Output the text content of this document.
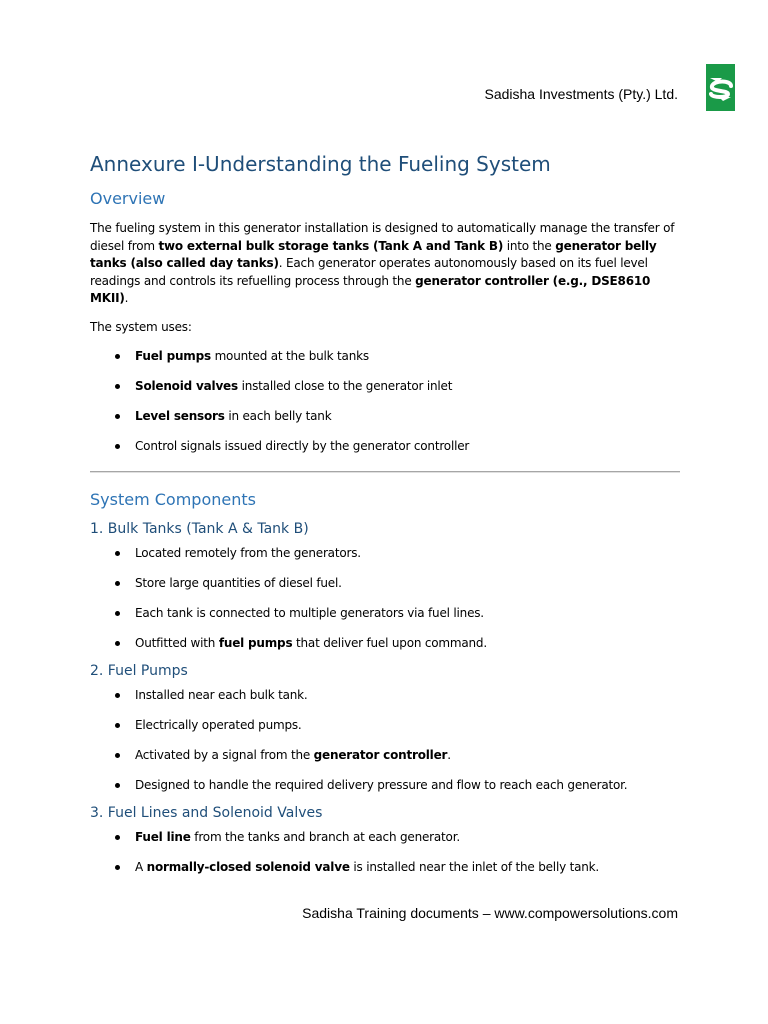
Sadisha Investments (Pty.) Ltd.
Annexure I-Understanding the Fueling System
Overview

The fueling system in this generator installation is designed to automatically manage the transfer of diesel from two external bulk storage tanks (Tank A and Tank B) into the generator belly tanks (also called day tanks). Each generator operates autonomously based on its fuel level readings and controls its refuelling process through the generator controller (e.g., DSE8610 MKII).

The system uses:

Fuel pumps mounted at the bulk tanks
Solenoid valves installed close to the generator inlet
Level sensors in each belly tank
Control signals issued directly by the generator controller
System Components
1. Bulk Tanks (Tank A & Tank B)
Located remotely from the generators.
Store large quantities of diesel fuel.
Each tank is connected to multiple generators via fuel lines.
Outfitted with fuel pumps that deliver fuel upon command.
2. Fuel Pumps
Installed near each bulk tank.
Electrically operated pumps.
Activated by a signal from the generator controller.
Designed to handle the required delivery pressure and flow to reach each generator.
3. Fuel Lines and Solenoid Valves
Fuel line from the tanks and branch at each generator.
A normally-closed solenoid valve is installed near the inlet of the belly tank.
Sadisha Training documents – www.compowersolutions.com
